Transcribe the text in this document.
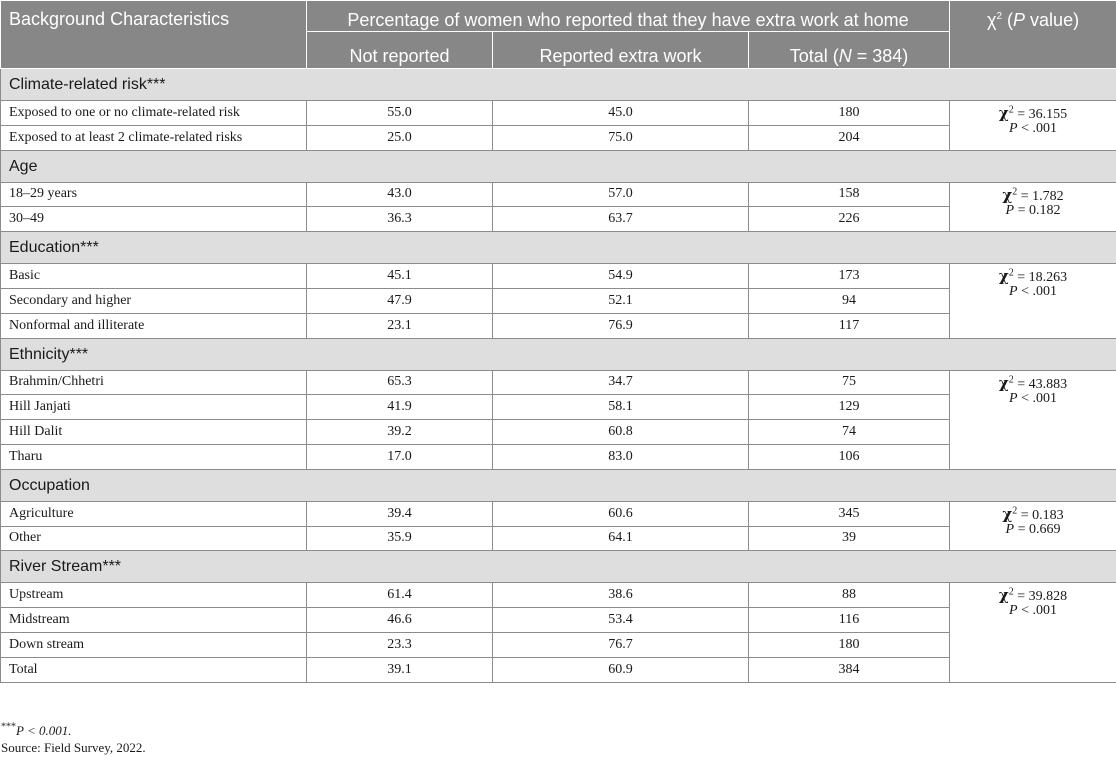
Background Characteristics	Percentage of women who reported that they have extra work at home			$\chi^2$ (P value)
	Not reported	Reported extra work	Total (N = 384)	
Climate-related risk***				
Exposed to one or no climate-related risk	55.0	45.0	180	$\chi^2 = 36.155$
P < .001
Exposed to at least 2 climate-related risks	25.0	75.0	204	
Age				
18–29 years	43.0	57.0	158	$\chi^2 = 1.782$
P = 0.182
30–49	36.3	63.7	226	
Education***				
Basic	45.1	54.9	173	$\chi^2 = 18.263$
P < .001
Secondary and higher	47.9	52.1	94	
Nonformal and illiterate	23.1	76.9	117	
Ethnicity***				
Brahmin/Chhetri	65.3	34.7	75	$\chi^2 = 43.883$
P < .001
Hill Janjati	41.9	58.1	129	
Hill Dalit	39.2	60.8	74	
Tharu	17.0	83.0	106	
Occupation				
Agriculture	39.4	60.6	345	$\chi^2 = 0.183$
P = 0.669
Other	35.9	64.1	39	
River Stream***				
Upstream	61.4	38.6	88	$\chi^2 = 39.828$
P < .001
Midstream	46.6	53.4	116	
Down stream	23.3	76.7	180	
Total	39.1	60.9	384	
***P < 0.001.
Source: Field Survey, 2022.
